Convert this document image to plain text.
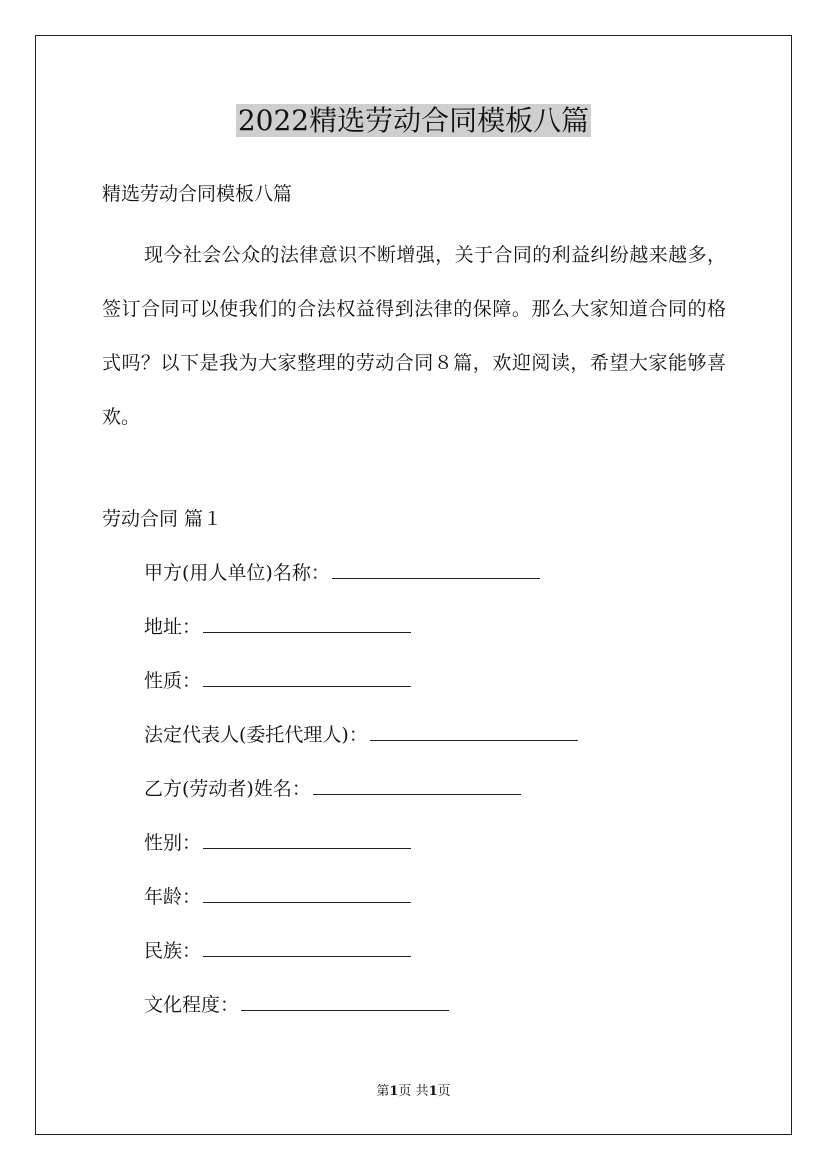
2022精选劳动合同模板八篇
精选劳动合同模板八篇

现今社会公众的法律意识不断增强，关于合同的利益纠纷越来越多，签订合同可以使我们的合法权益得到法律的保障。那么大家知道合同的格式吗？以下是我为大家整理的劳动合同８篇，欢迎阅读，希望大家能够喜欢。

劳动合同 篇１
甲方(用人单位)名称：
地址：
性质：
法定代表人(委托代理人)：
乙方(劳动者)姓名：
性别：
年龄：
民族：
文化程度：
第1页 共1页
